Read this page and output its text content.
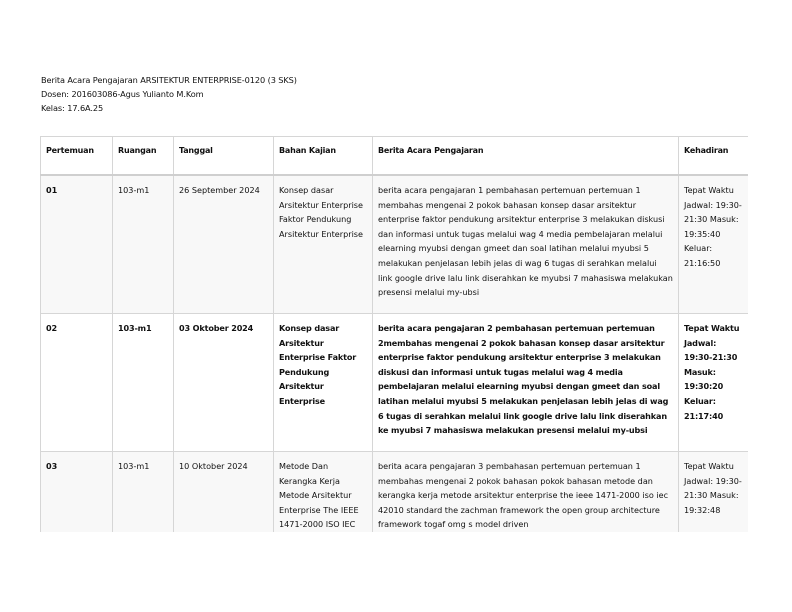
Berita Acara Pengajaran ARSITEKTUR ENTERPRISE-0120 (3 SKS)
Dosen: 201603086-Agus Yulianto M.Kom
Kelas: 17.6A.25
Pertemuan	Ruangan	Tanggal	Bahan Kajian	Berita Acara Pengajaran	Kehadiran
01	103-m1	26 September 2024	Konsep dasar Arsitektur Enterprise Faktor Pendukung Arsitektur Enterprise	berita acara pengajaran 1 pembahasan pertemuan pertemuan 1 membahas mengenai 2 pokok bahasan konsep dasar arsitektur enterprise faktor pendukung arsitektur enterprise 3 melakukan diskusi dan informasi untuk tugas melalui wag 4 media pembelajaran melalui elearning myubsi dengan gmeet dan soal latihan melalui myubsi 5 melakukan penjelasan lebih jelas di wag 6 tugas di serahkan melalui link google drive lalu link diserahkan ke myubsi 7 mahasiswa melakukan presensi melalui my-ubsi	Tepat Waktu Jadwal: 19:30-21:30 Masuk: 19:35:40 Keluar: 21:16:50
02	103-m1	03 Oktober 2024	Konsep dasar Arsitektur Enterprise Faktor Pendukung Arsitektur Enterprise	berita acara pengajaran 2 pembahasan pertemuan pertemuan 2membahas mengenai 2 pokok bahasan konsep dasar arsitektur enterprise faktor pendukung arsitektur enterprise 3 melakukan diskusi dan informasi untuk tugas melalui wag 4 media pembelajaran melalui elearning myubsi dengan gmeet dan soal latihan melalui myubsi 5 melakukan penjelasan lebih jelas di wag 6 tugas di serahkan melalui link google drive lalu link diserahkan ke myubsi 7 mahasiswa melakukan presensi melalui my-ubsi	Tepat Waktu Jadwal: 19:30-21:30 Masuk: 19:30:20 Keluar: 21:17:40
03	103-m1	10 Oktober 2024	Metode Dan Kerangka Kerja Metode Arsitektur Enterprise The IEEE 1471-2000 ISO IEC	berita acara pengajaran 3 pembahasan pertemuan pertemuan 1 membahas mengenai 2 pokok bahasan pokok bahasan metode dan kerangka kerja metode arsitektur enterprise the ieee 1471-2000 iso iec 42010 standard the zachman framework the open group architecture framework togaf omg s model driven	Tepat Waktu Jadwal: 19:30-21:30 Masuk: 19:32:48
